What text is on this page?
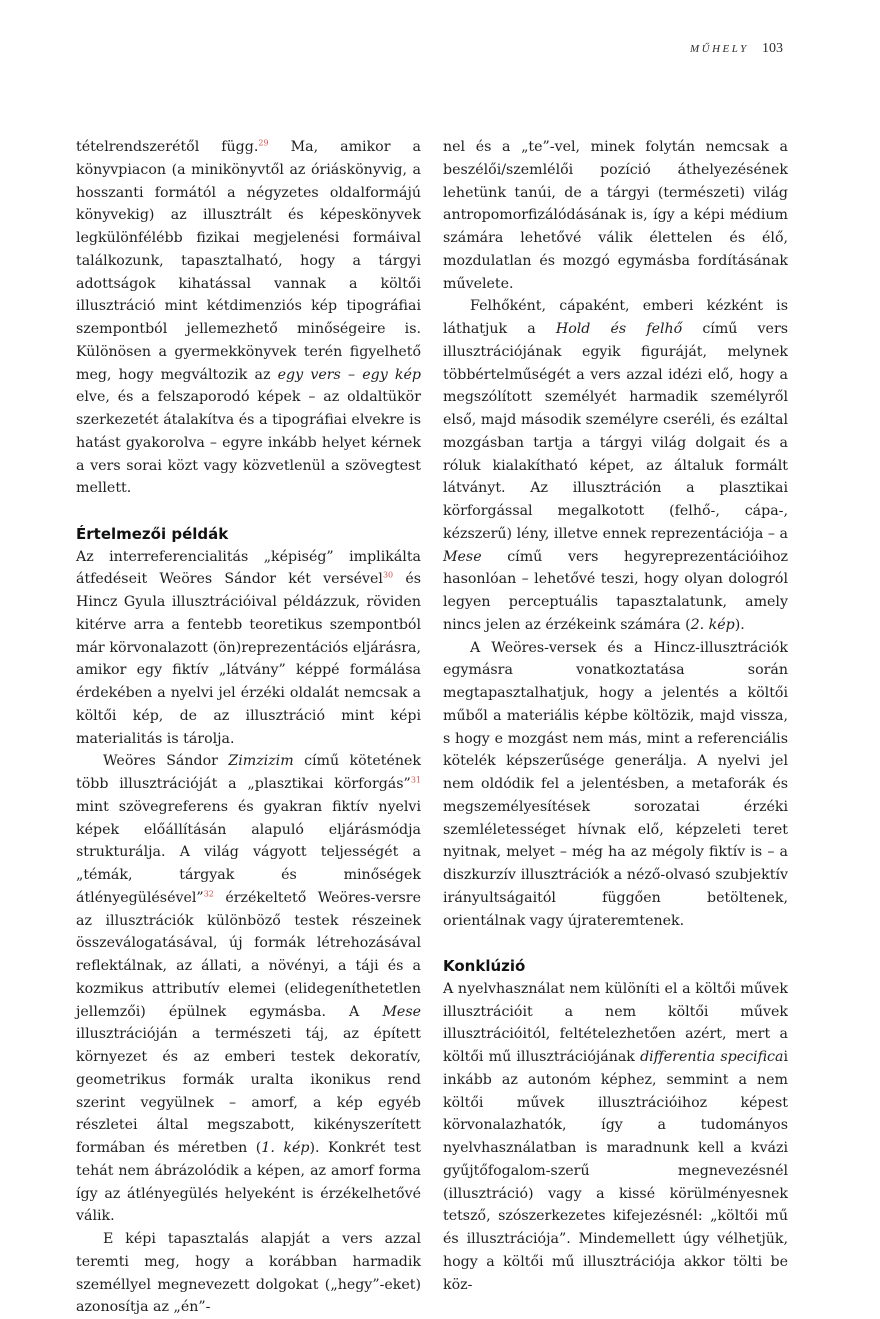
MŰHELY 103

tételrendszerétől függ.$^{29}$ Ma, amikor a könyvpiacon (a minikönyvtől az óriáskönyvig, a hosszanti formától a négyzetes oldalformájú könyvekig) az illusztrált és képeskönyvek legkülönfélébb fizikai megjelenési formáival találkozunk, tapasztalható, hogy a tárgyi adottságok kihatással vannak a költői illusztráció mint kétdimenziós kép tipográfiai szempontból jellemezhető minőségeire is. Különösen a gyermekkönyvek terén figyelhető meg, hogy megváltozik az egy vers – egy kép elve, és a felszaporodó képek – az oldaltükör szerkezetét átalakítva és a tipográfiai elvekre is hatást gyakorolva – egyre inkább helyet kérnek a vers sorai közt vagy közvetlenül a szövegtest mellett.

Értelmezői példák

Az interreferencialitás „képiség” implikálta átfedéseit Weöres Sándor két versével$^{30}$ és Hincz Gyula illusztrációival példázzuk, röviden kitérve arra a fentebb teoretikus szempontból már körvonalazott (ön)reprezentációs eljárásra, amikor egy fiktív „látvány” képpé formálása érdekében a nyelvi jel érzéki oldalát nemcsak a költői kép, de az illusztráció mint képi materialitás is tárolja.

Weöres Sándor Zimzizim című kötetének több illusztrációját a „plasztikai körforgás”$^{31}$ mint szövegreferens és gyakran fiktív nyelvi képek előállításán alapuló eljárásmódja strukturálja. A világ vágyott teljességét a „témák, tárgyak és minőségek átlényegülésével”$^{32}$ érzékeltető Weöres-versre az illusztrációk különböző testek részeinek összeválogatásával, új formák létrehozásával reflektálnak, az állati, a növényi, a táji és a kozmikus attributív elemei (elidegeníthetetlen jellemzői) épülnek egymásba. A Mese illusztrációján a természeti táj, az épített környezet és az emberi testek dekoratív, geometrikus formák uralta ikonikus rend szerint vegyülnek – amorf, a kép egyéb részletei által megszabott, kikényszerített formában és méretben (1. kép). Konkrét test tehát nem ábrázolódik a képen, az amorf forma így az átlényegülés helyeként is érzékelhetővé válik.

E képi tapasztalás alapját a vers azzal teremti meg, hogy a korábban harmadik személlyel megnevezett dolgokat („hegy”-eket) azonosítja az „én”-

nel és a „te”-vel, minek folytán nemcsak a beszélői/szemlélői pozíció áthelyezésének lehetünk tanúi, de a tárgyi (természeti) világ antropomorfizálódásának is, így a képi médium számára lehetővé válik élettelen és élő, mozdulatlan és mozgó egymásba fordításának művelete.

Felhőként, cápaként, emberi kézként is láthatjuk a Hold és felhő című vers illusztrációjának egyik figuráját, melynek többértelműségét a vers azzal idézi elő, hogy a megszólított személyét harmadik személyről első, majd második személyre cseréli, és ezáltal mozgásban tartja a tárgyi világ dolgait és a róluk kialakítható képet, az általuk formált látványt. Az illusztráción a plasztikai körforgással megalkotott (felhő-, cápa-, kézszerű) lény, illetve ennek reprezentációja – a Mese című vers hegyreprezentációihoz hasonlóan – lehetővé teszi, hogy olyan dologról legyen perceptuális tapasztalatunk, amely nincs jelen az érzékeink számára (2. kép).

A Weöres-versek és a Hincz-illusztrációk egymásra vonatkoztatása során megtapasztalhatjuk, hogy a jelentés a költői műből a materiális képbe költözik, majd vissza, s hogy e mozgást nem más, mint a referenciális kötelék képszerűsége generálja. A nyelvi jel nem oldódik fel a jelentésben, a metaforák és megszemélyesítések sorozatai érzéki szemléletességet hívnak elő, képzeleti teret nyitnak, melyet – még ha az mégoly fiktív is – a diszkurzív illusztrációk a néző-olvasó szubjektív irányultságaitól függően betöltenek, orientálnak vagy újrateremtenek.

Konklúzió

A nyelvhasználat nem különíti el a költői művek illusztrációit a nem költői művek illusztrációitól, feltételezhetően azért, mert a költői mű illusztrációjának differentia specificai inkább az autonóm képhez, semmint a nem költői művek illusztrációihoz képest körvonalazhatók, így a tudományos nyelvhasználatban is maradnunk kell a kvázi gyűjtőfogalom-szerű megnevezésnél (illusztráció) vagy a kissé körülményesnek tetsző, szószerkezetes kifejezésnél: „költői mű és illusztrációja”. Mindemellett úgy vélhetjük, hogy a költői mű illusztrációja akkor tölti be köz-
